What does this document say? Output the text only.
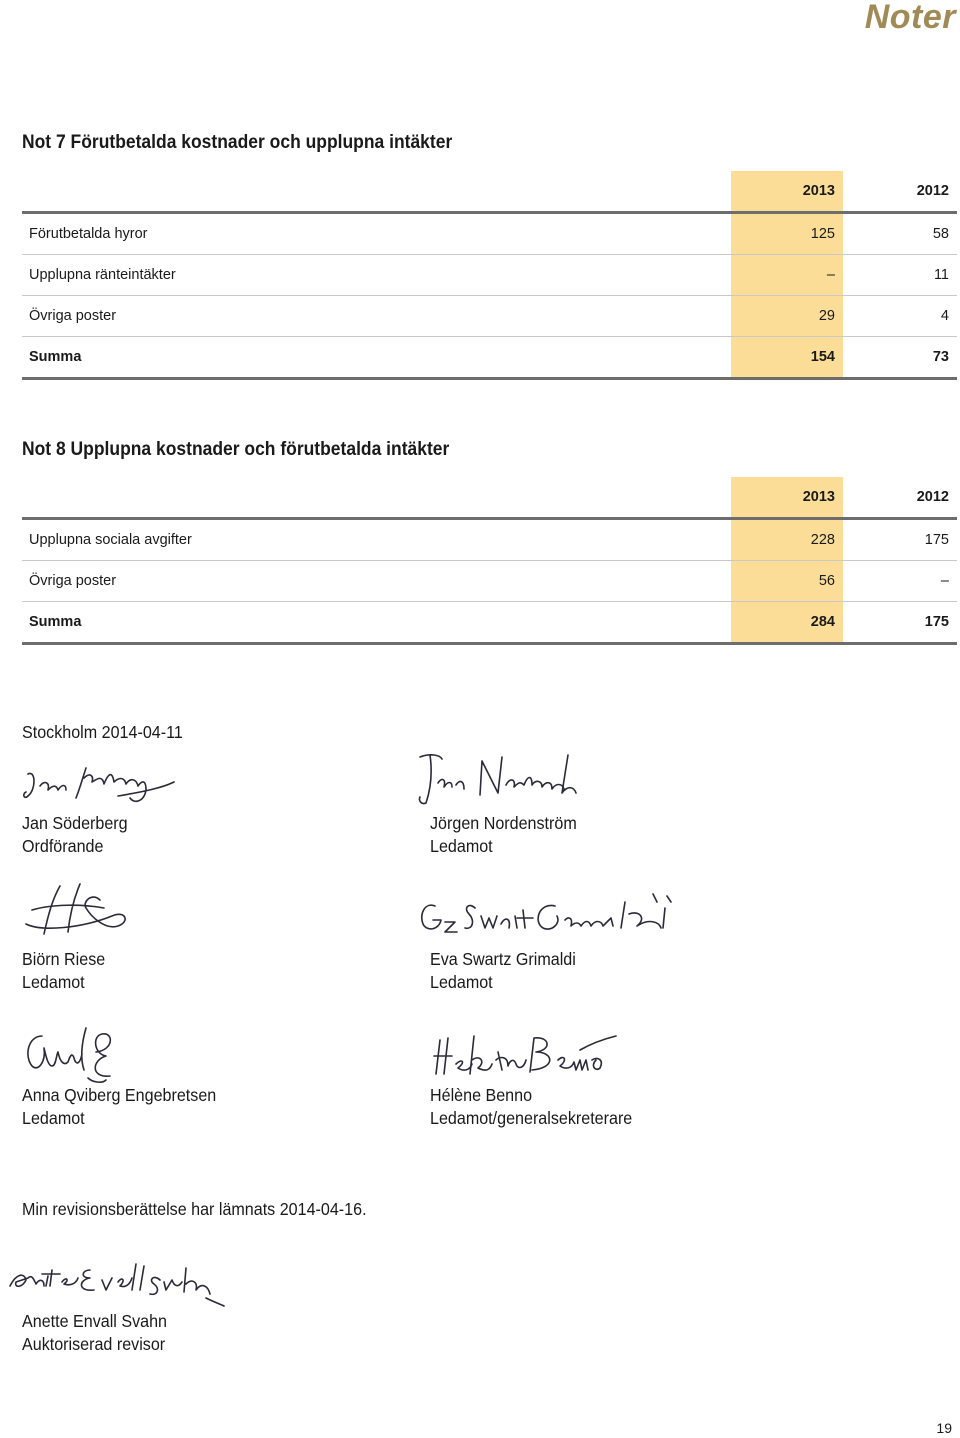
Noter
Not 7 Förutbetalda kostnader och upplupna intäkter
	2013	2012
Förutbetalda hyror	125	58
Upplupna ränteintäkter	–	11
Övriga poster	29	4
Summa	154	73
Not 8 Upplupna kostnader och förutbetalda intäkter
	2013	2012
Upplupna sociala avgifter	228	175
Övriga poster	56	–
Summa	284	175
Stockholm 2014-04-11
Jan Söderberg
Ordförande
Jörgen Nordenström
Ledamot
Biörn Riese
Ledamot
Eva Swartz Grimaldi
Ledamot
Anna Qviberg Engebretsen
Ledamot
Hélène Benno
Ledamot/generalsekreterare
Min revisionsberättelse har lämnats 2014-04-16.
Anette Envall Svahn
Auktoriserad revisor
19
